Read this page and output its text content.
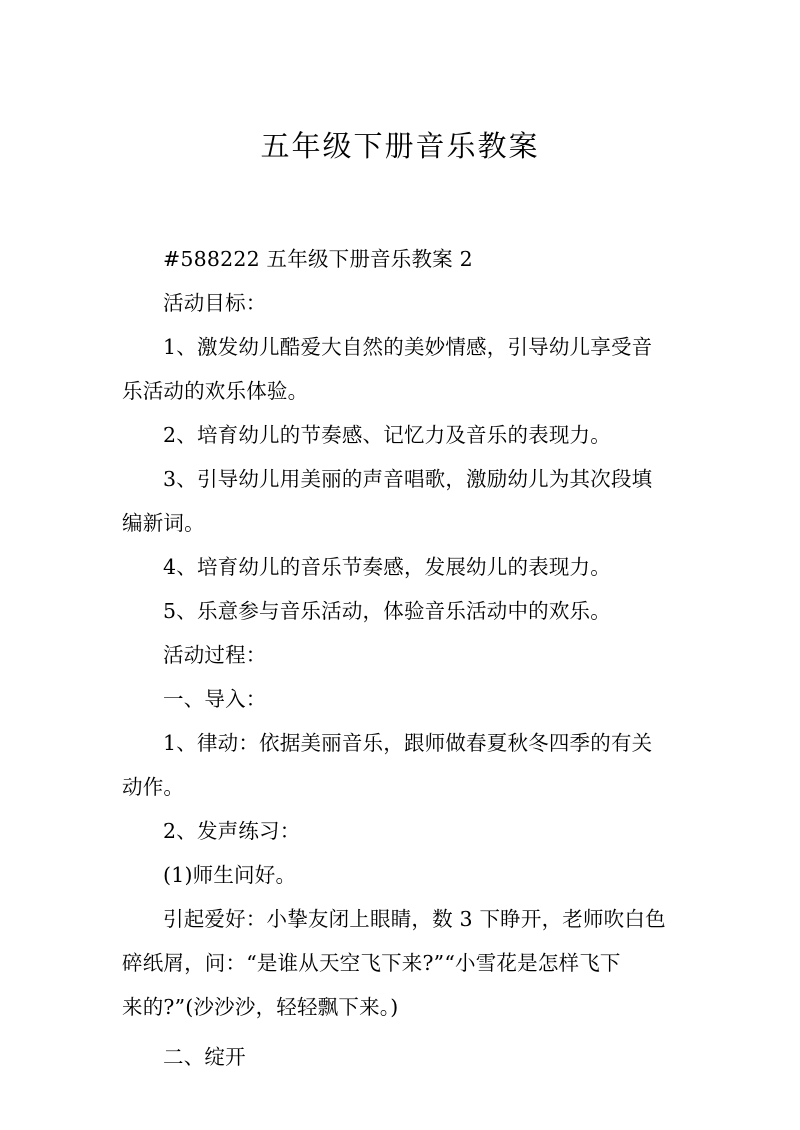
五年级下册音乐教案

#588222 五年级下册音乐教案 2

活动目标：

1、激发幼儿酷爱大自然的美妙情感，引导幼儿享受音
乐活动的欢乐体验。

2、培育幼儿的节奏感、记忆力及音乐的表现力。

3、引导幼儿用美丽的声音唱歌，激励幼儿为其次段填
编新词。

4、培育幼儿的音乐节奏感，发展幼儿的表现力。

5、乐意参与音乐活动，体验音乐活动中的欢乐。

活动过程：

一、导入：

1、律动：依据美丽音乐，跟师做春夏秋冬四季的有关
动作。

2、发声练习：

(1)师生问好。

引起爱好：小挚友闭上眼睛，数 3 下睁开，老师吹白色
碎纸屑，问：“是谁从天空飞下来?”“小雪花是怎样飞下
来的?”(沙沙沙，轻轻飘下来。)

二、绽开
